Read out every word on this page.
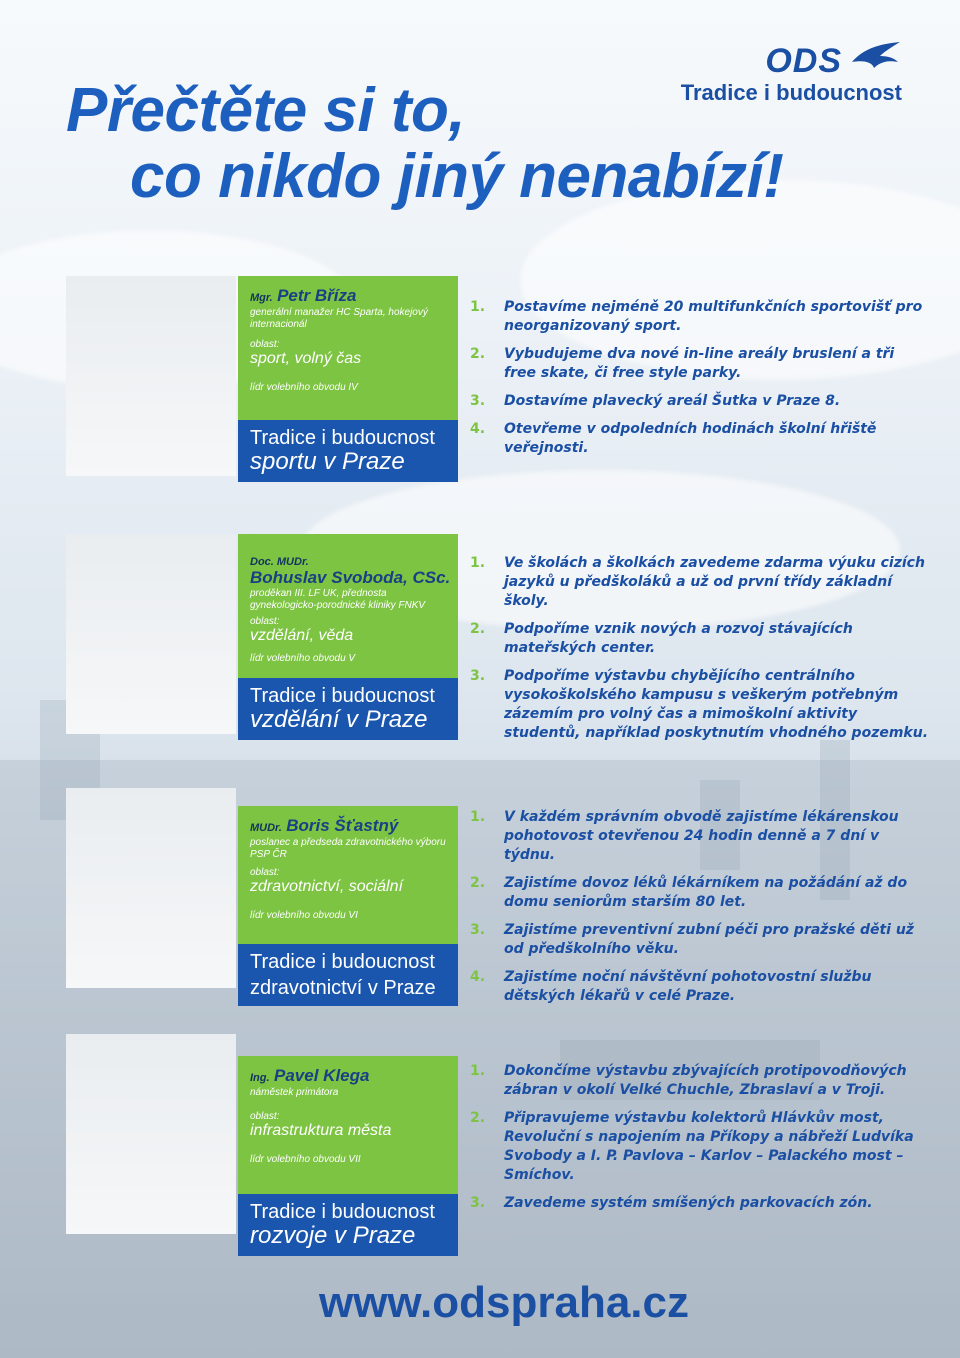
ODS
Tradice i budoucnost
Přečtěte si to,
co nikdo jiný nenabízí!
Mgr. Petr Bříza
generální manažer HC Sparta, hokejový internacionál
oblast:
sport, volný čas
lídr volebního obvodu IV
Tradice i budoucnost
sportu v Praze
1. Postavíme nejméně 20 multifunkčních sportovišť pro neorganizovaný sport.
2. Vybudujeme dva nové in-line areály bruslení a tři free skate, či free style parky.
3. Dostavíme plavecký areál Šutka v Praze 8.
4. Otevřeme v odpoledních hodinách školní hřiště veřejnosti.
Doc. MUDr.
Bohuslav Svoboda, CSc.
proděkan III. LF UK, přednosta gynekologicko-porodnické kliniky FNKV
oblast:
vzdělání, věda
lídr volebního obvodu V
Tradice i budoucnost
vzdělání v Praze
1. Ve školách a školkách zavedeme zdarma výuku cizích jazyků u předškoláků a už od první třídy základní školy.
2. Podpoříme vznik nových a rozvoj stávajících mateřských center.
3. Podpoříme výstavbu chybějícího centrálního vysokoškolského kampusu s veškerým potřebným zázemím pro volný čas a mimoškolní aktivity studentů, například poskytnutím vhodného pozemku.
MUDr. Boris Šťastný
poslanec a předseda zdravotnického výboru PSP ČR
oblast:
zdravotnictví, sociální
lídr volebního obvodu VI
Tradice i budoucnost
zdravotnictví v Praze
1. V každém správním obvodě zajistíme lékárenskou pohotovost otevřenou 24 hodin denně a 7 dní v týdnu.
2. Zajistíme dovoz léků lékárníkem na požádání až do domu seniorům starším 80 let.
3. Zajistíme preventivní zubní péči pro pražské děti už od předškolního věku.
4. Zajistíme noční návštěvní pohotovostní službu dětských lékařů v celé Praze.
Ing. Pavel Klega
náměstek primátora
oblast:
infrastruktura města
lídr volebního obvodu VII
Tradice i budoucnost
rozvoje v Praze
1. Dokončíme výstavbu zbývajících protipovodňových zábran v okolí Velké Chuchle, Zbraslaví a v Troji.
2. Připravujeme výstavbu kolektorů Hlávkův most, Revoluční s napojením na Příkopy a nábřeží Ludvíka Svobody a I. P. Pavlova – Karlov – Palackého most – Smíchov.
3. Zavedeme systém smíšených parkovacích zón.
www.odspraha.cz
